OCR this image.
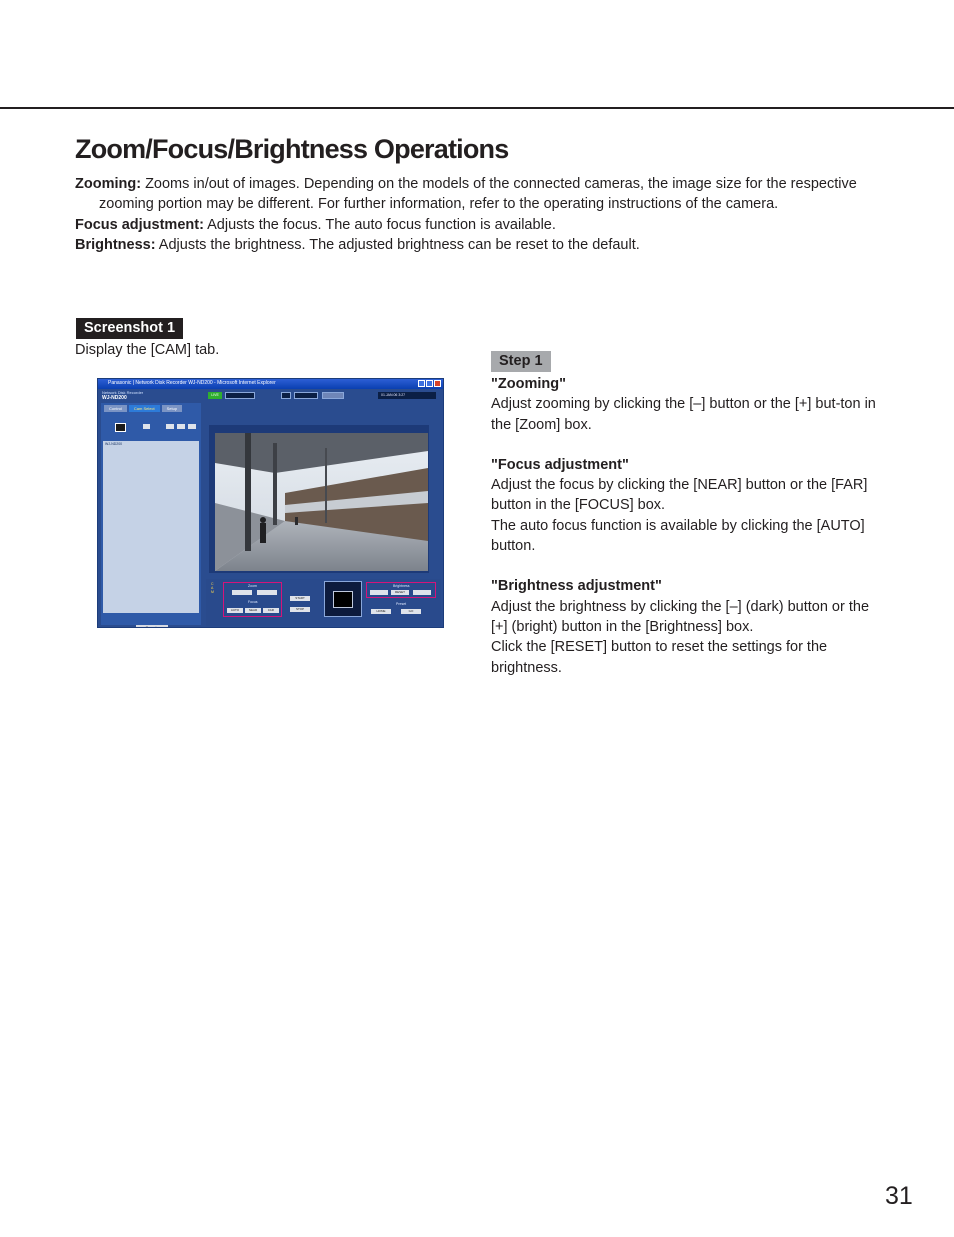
Zoom/Focus/Brightness Operations

Zooming: Zooms in/out of images. Depending on the models of the connected cameras, the image size for the respective zooming portion may be different. For further information, refer to the operating instructions of the camera.

Focus adjustment: Adjusts the focus. The auto focus function is available.

Brightness: Adjusts the brightness. The adjusted brightness can be reset to the default.

Screenshot 1
Display the [CAM] tab.
Panasonic | Network Disk Recorder WJ-ND200 - Microsoft Internet Explorer
Network Disk Recorder
WJ-ND200
Control	Cam Select	Setup
WJ-ND200
Zoom In
LIVE	01.JAN.06 3:27
C
A
M
Zoom
Focus
AUTO	NEAR	FAR
START
STOP
Brightness
RESET
Preset
HOME	GO
Step 1
"Zooming"

Adjust zooming by clicking the [–] button or the [+] but-ton in the [Zoom] box.

"Focus adjustment"

Adjust the focus by clicking the [NEAR] button or the [FAR] button in the [FOCUS] box.

The auto focus function is available by clicking the [AUTO] button.

"Brightness adjustment"

Adjust the brightness by clicking the [–] (dark) button or the [+] (bright) button in the [Brightness] box.

Click the [RESET] button to reset the settings for the brightness.

31
